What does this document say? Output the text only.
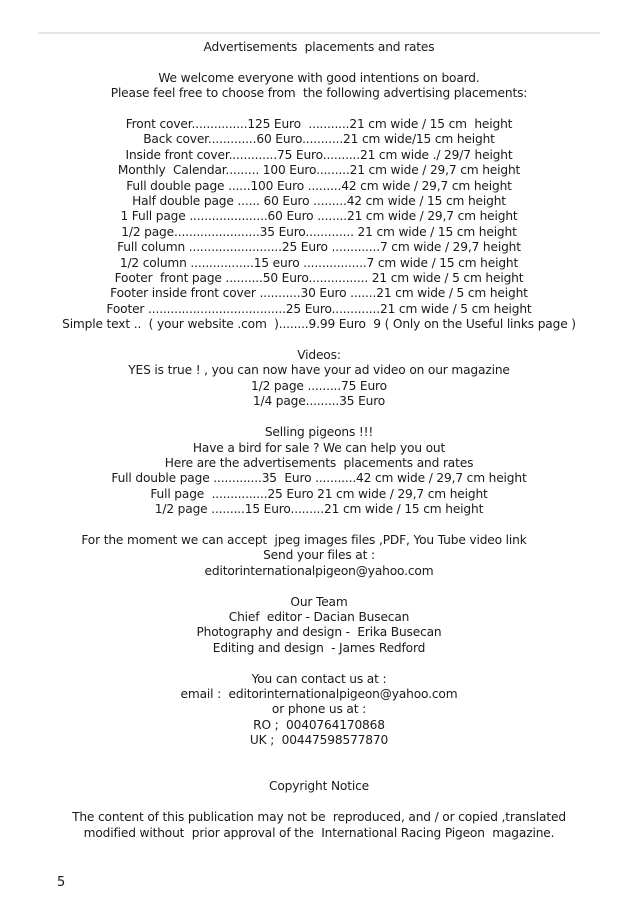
Advertisements  placements and rates
We welcome everyone with good intentions on board.
Please feel free to choose from  the following advertising placements:
Front cover...............125 Euro  ...........21 cm wide / 15 cm  height
Back cover.............60 Euro...........21 cm wide/15 cm height
Inside front cover.............75 Euro..........21 cm wide ./ 29/7 height
Monthly  Calendar......... 100 Euro.........21 cm wide / 29,7 cm height
Full double page ......100 Euro .........42 cm wide / 29,7 cm height
Half double page ...... 60 Euro .........42 cm wide / 15 cm height
1 Full page .....................60 Euro ........21 cm wide / 29,7 cm height
1/2 page.......................35 Euro............. 21 cm wide / 15 cm height
Full column .........................25 Euro .............7 cm wide / 29,7 height
1/2 column .................15 euro .................7 cm wide / 15 cm height
Footer  front page ..........50 Euro................ 21 cm wide / 5 cm height
Footer inside front cover ...........30 Euro .......21 cm wide / 5 cm height
Footer .....................................25 Euro.............21 cm wide / 5 cm height
Simple text ..  ( your website .com  )........9.99 Euro  9 ( Only on the Useful links page )
Videos:
YES is true ! , you can now have your ad video on our magazine
1/2 page .........75 Euro
1/4 page.........35 Euro
Selling pigeons !!!
Have a bird for sale ? We can help you out
Here are the advertisements  placements and rates
Full double page .............35  Euro ...........42 cm wide / 29,7 cm height
Full page  ...............25 Euro 21 cm wide / 29,7 cm height
1/2 page .........15 Euro.........21 cm wide / 15 cm height
For the moment we can accept  jpeg images files ,PDF, You Tube video link
Send your files at :
editorinternationalpigeon@yahoo.com
Our Team
Chief  editor - Dacian Busecan
Photography and design -  Erika Busecan
Editing and design  - James Redford
You can contact us at :
email :  editorinternationalpigeon@yahoo.com
or phone us at :
RO ;  0040764170868
UK ;  00447598577870
Copyright Notice
The content of this publication may not be  reproduced, and / or copied ,translated
modified without  prior approval of the  International Racing Pigeon  magazine.
5
